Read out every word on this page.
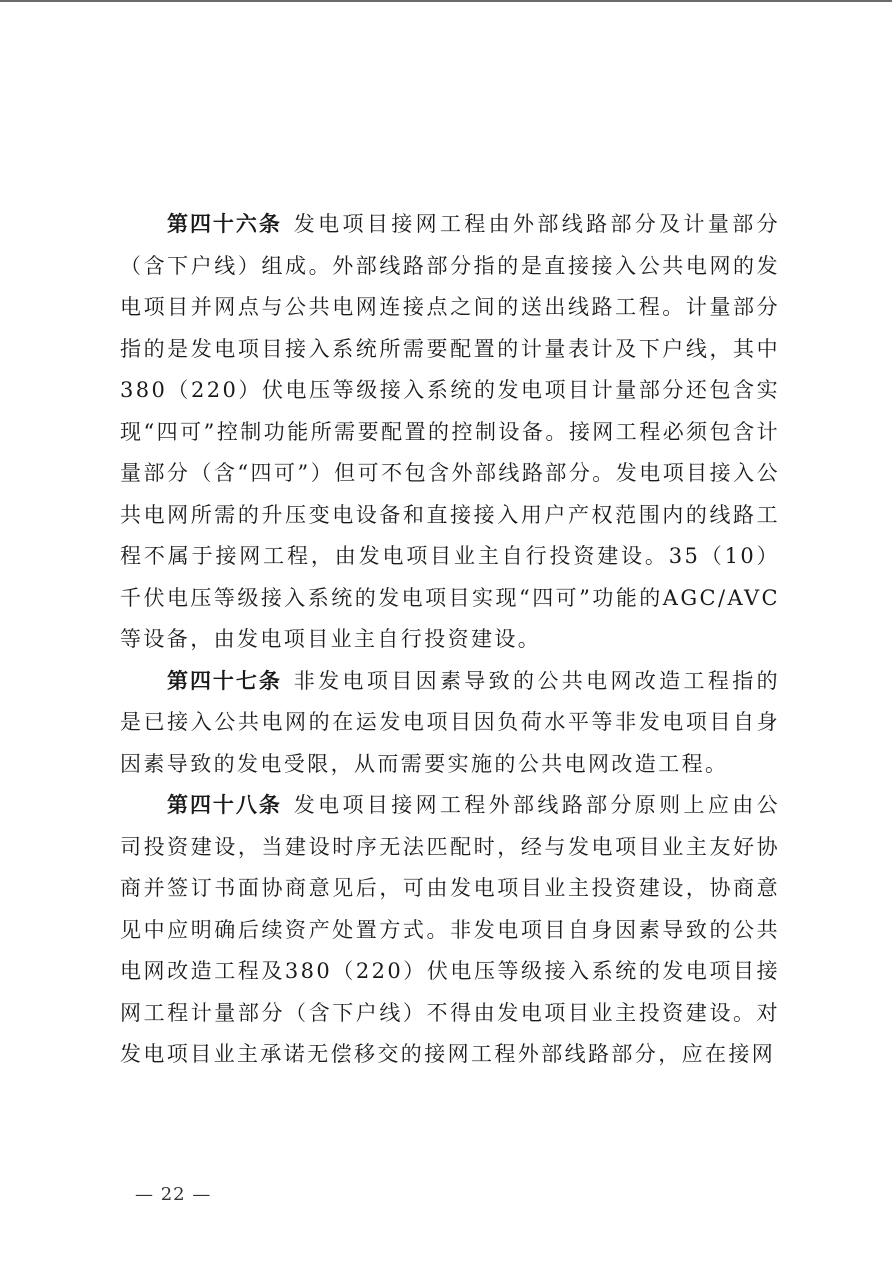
第四十六条 发电项目接网工程由外部线路部分及计量部分（含下户线）组成。外部线路部分指的是直接接入公共电网的发电项目并网点与公共电网连接点之间的送出线路工程。计量部分指的是发电项目接入系统所需要配置的计量表计及下户线，其中380（220）伏电压等级接入系统的发电项目计量部分还包含实现“四可”控制功能所需要配置的控制设备。接网工程必须包含计量部分（含“四可”）但可不包含外部线路部分。发电项目接入公共电网所需的升压变电设备和直接接入用户产权范围内的线路工程不属于接网工程，由发电项目业主自行投资建设。35（10）千伏电压等级接入系统的发电项目实现“四可”功能的AGC/AVC等设备，由发电项目业主自行投资建设。

第四十七条 非发电项目因素导致的公共电网改造工程指的是已接入公共电网的在运发电项目因负荷水平等非发电项目自身因素导致的发电受限，从而需要实施的公共电网改造工程。

第四十八条 发电项目接网工程外部线路部分原则上应由公司投资建设，当建设时序无法匹配时，经与发电项目业主友好协商并签订书面协商意见后，可由发电项目业主投资建设，协商意见中应明确后续资产处置方式。非发电项目自身因素导致的公共电网改造工程及380（220）伏电压等级接入系统的发电项目接网工程计量部分（含下户线）不得由发电项目业主投资建设。对发电项目业主承诺无偿移交的接网工程外部线路部分，应在接网

— 22 —
